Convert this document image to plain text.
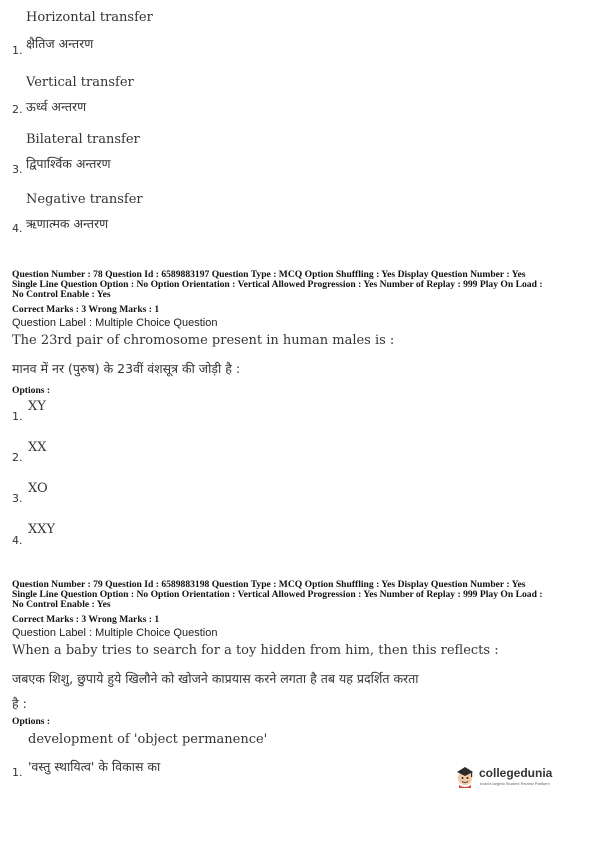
Horizontal transfer
1. क्षैतिज अन्तरण
Vertical transfer
2. ऊर्ध्व अन्तरण
Bilateral transfer
3. द्विपार्श्विक अन्तरण
Negative transfer
4. ऋणात्मक अन्तरण
Question Number : 78 Question Id : 6589883197 Question Type : MCQ Option Shuffling : Yes Display Question Number : Yes
Single Line Question Option : No Option Orientation : Vertical Allowed Progression : Yes Number of Replay : 999 Play On Load :
No Control Enable : Yes
Correct Marks : 3 Wrong Marks : 1
Question Label : Multiple Choice Question
The 23rd pair of chromosome present in human males is :
मानव में नर (पुरुष) के 23वीं वंशसूत्र की जोड़ी है :
Options :
1.
XY
2.
XX
3.
XO
4.
XXY
Question Number : 79 Question Id : 6589883198 Question Type : MCQ Option Shuffling : Yes Display Question Number : Yes
Single Line Question Option : No Option Orientation : Vertical Allowed Progression : Yes Number of Replay : 999 Play On Load :
No Control Enable : Yes
Correct Marks : 3 Wrong Marks : 1
Question Label : Multiple Choice Question
When a baby tries to search for a toy hidden from him, then this reflects :
जबएक शिशु, छुपाये हुये खिलौने को खोजने काप्रयास करने लगता है तब यह प्रदर्शित करता
है :
Options :
development of 'object permanence'
1. 'वस्तु स्थायित्व' के विकास का	collegedunia
India's largest Student Review Platform
